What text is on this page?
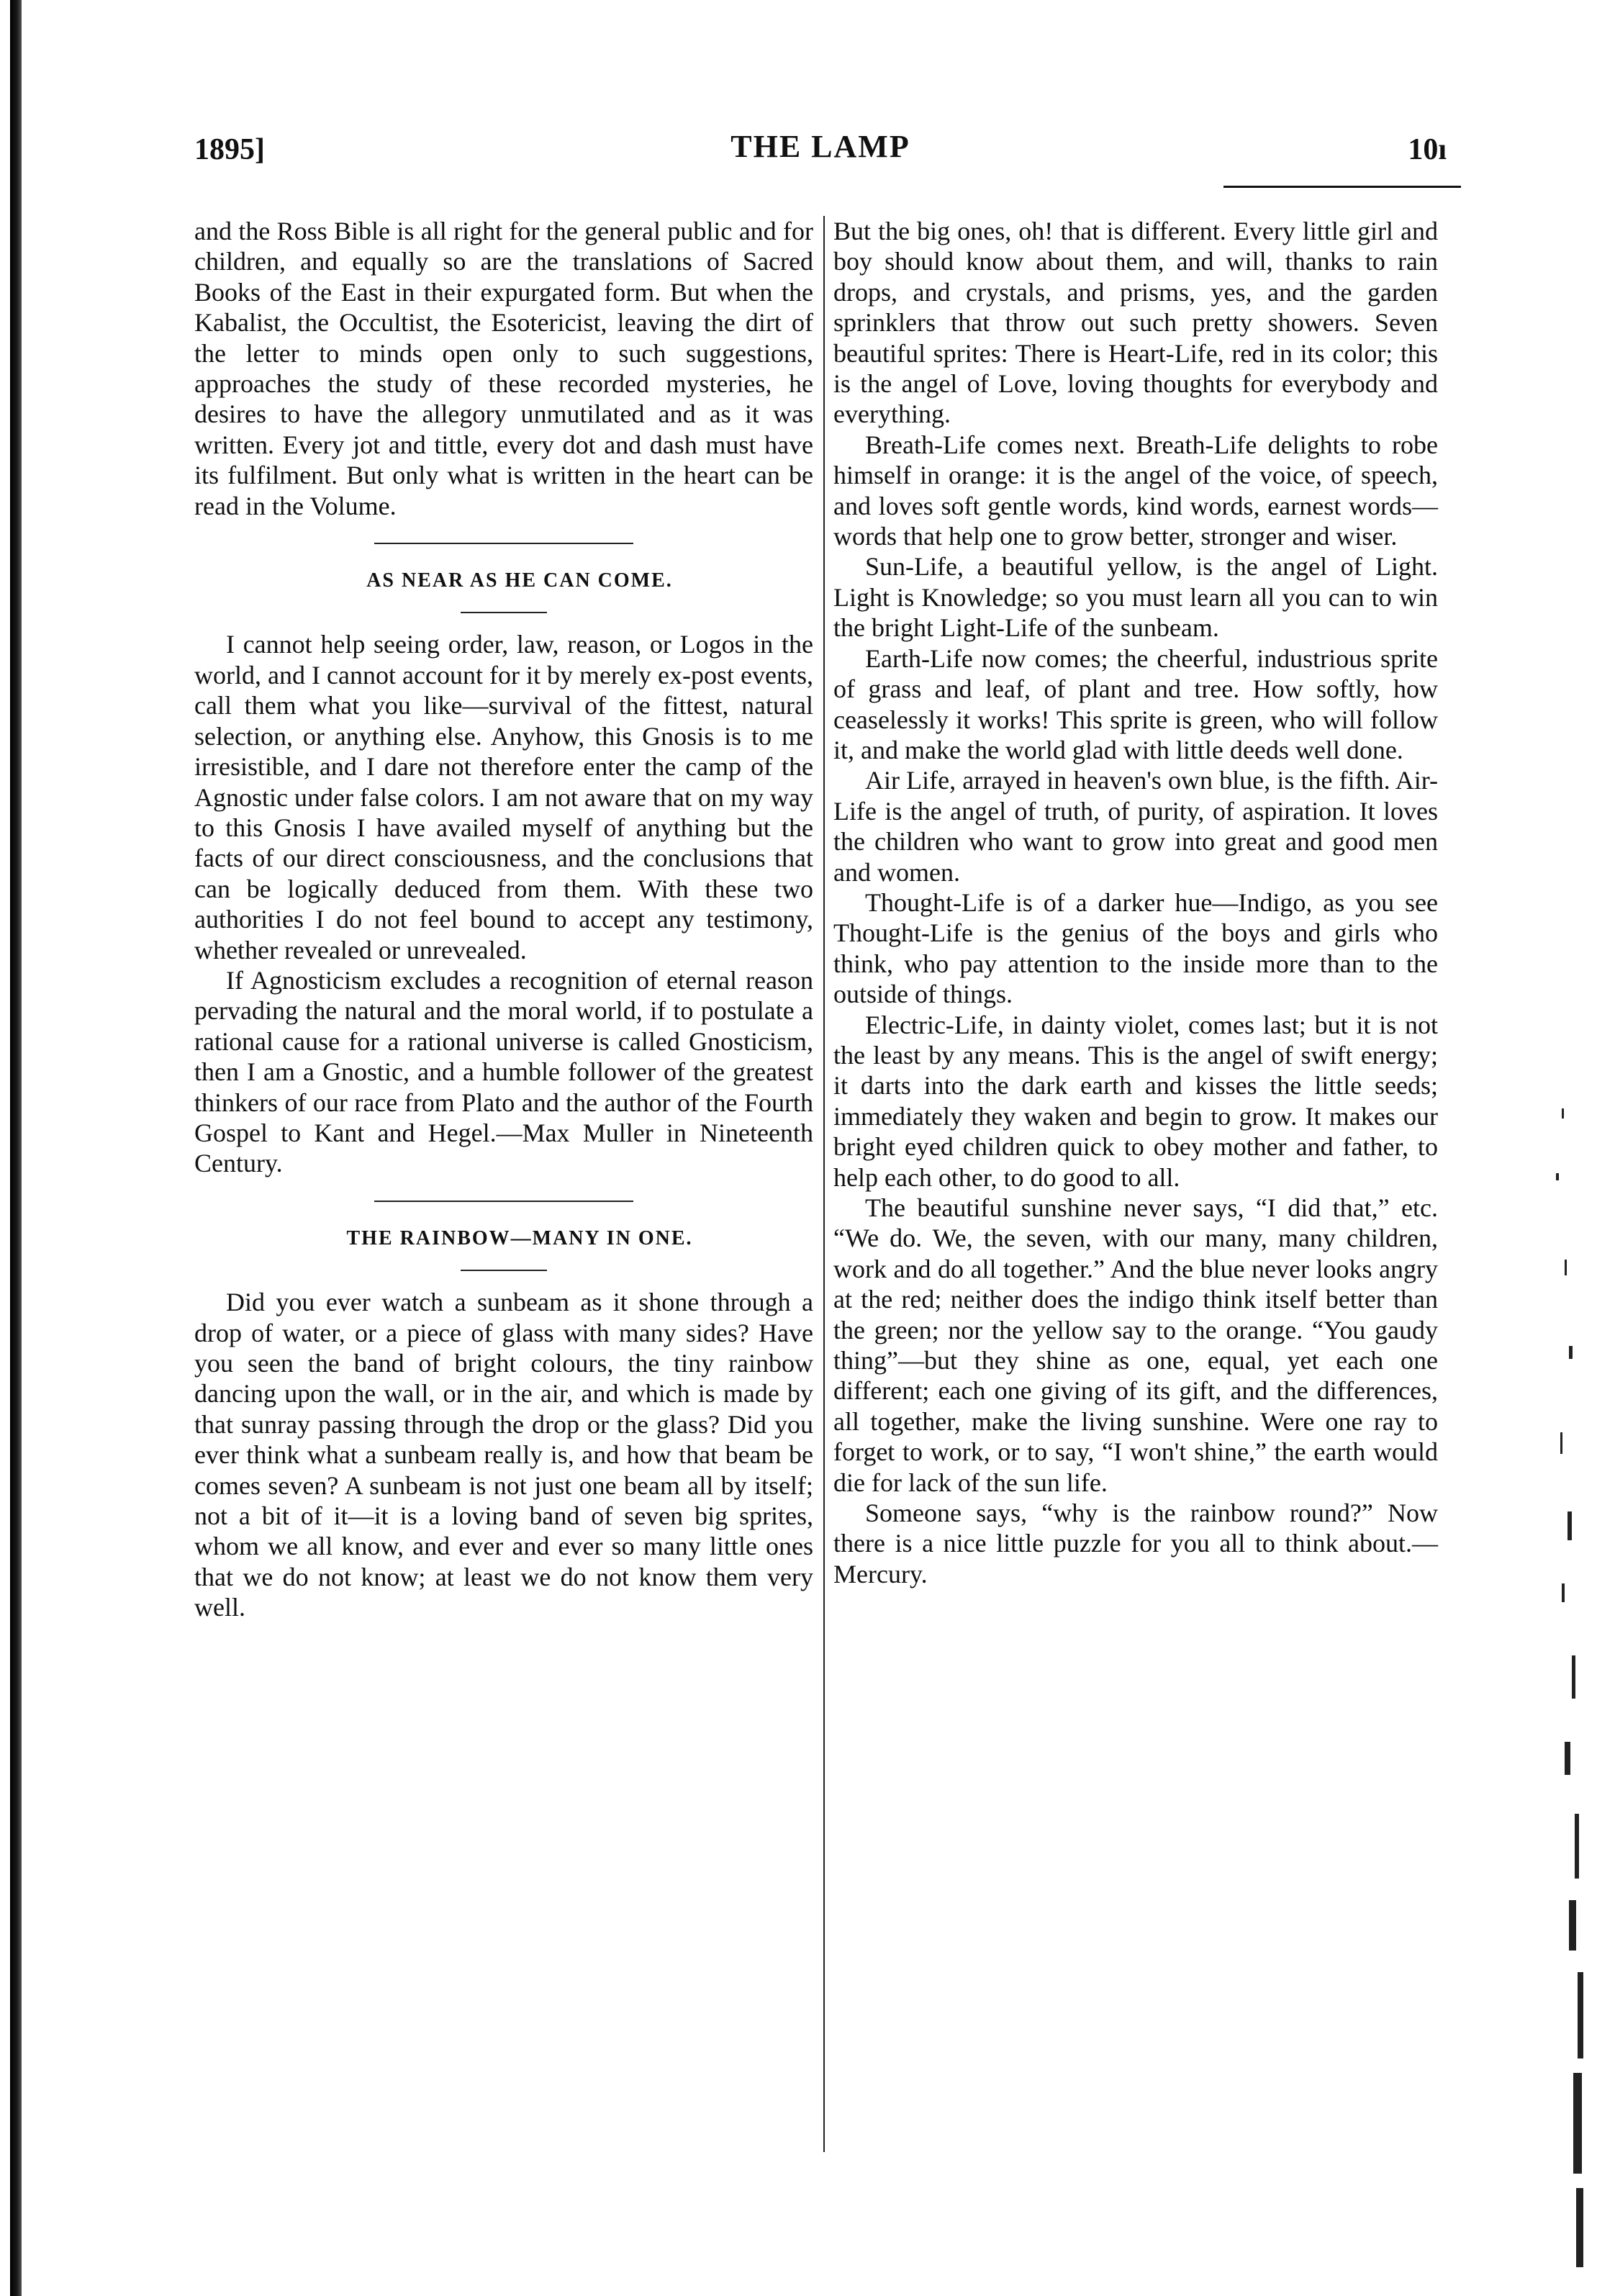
1895]	THE LAMP	10ı

and the Ross Bible is all right for the general public and for children, and equally so are the translations of Sacred Books of the East in their expurgated form. But when the Kabalist, the Occultist, the Esotericist, leaving the dirt of the letter to minds open only to such suggestions, approaches the study of these recorded mysteries, he desires to have the allegory unmutilated and as it was written. Every jot and tittle, every dot and dash must have its fulfilment. But only what is written in the heart can be read in the Volume.

AS NEAR AS HE CAN COME.

I cannot help seeing order, law, reason, or Logos in the world, and I cannot account for it by merely ex-post events, call them what you like—survival of the fittest, natural selection, or anything else. Anyhow, this Gnosis is to me irresistible, and I dare not therefore enter the camp of the Agnostic under false colors. I am not aware that on my way to this Gnosis I have availed myself of anything but the facts of our direct consciousness, and the conclusions that can be logically deduced from them. With these two authorities I do not feel bound to accept any testimony, whether revealed or unrevealed.

If Agnosticism excludes a recognition of eternal reason pervading the natural and the moral world, if to postulate a rational cause for a rational universe is called Gnosticism, then I am a Gnostic, and a humble follower of the greatest thinkers of our race from Plato and the author of the Fourth Gospel to Kant and Hegel.—Max Muller in Nineteenth Century.

THE RAINBOW—MANY IN ONE.

Did you ever watch a sunbeam as it shone through a drop of water, or a piece of glass with many sides? Have you seen the band of bright colours, the tiny rainbow dancing upon the wall, or in the air, and which is made by that sunray passing through the drop or the glass? Did you ever think what a sunbeam really is, and how that beam be comes seven? A sunbeam is not just one beam all by itself; not a bit of it—it is a loving band of seven big sprites, whom we all know, and ever and ever so many little ones that we do not know; at least we do not know them very well.

But the big ones, oh! that is different. Every little girl and boy should know about them, and will, thanks to rain drops, and crystals, and prisms, yes, and the garden sprinklers that throw out such pretty showers. Seven beautiful sprites: There is Heart-Life, red in its color; this is the angel of Love, loving thoughts for everybody and everything.

Breath-Life comes next. Breath-Life delights to robe himself in orange: it is the angel of the voice, of speech, and loves soft gentle words, kind words, earnest words—words that help one to grow better, stronger and wiser.

Sun-Life, a beautiful yellow, is the angel of Light. Light is Knowledge; so you must learn all you can to win the bright Light-Life of the sunbeam.

Earth-Life now comes; the cheerful, industrious sprite of grass and leaf, of plant and tree. How softly, how ceaselessly it works! This sprite is green, who will follow it, and make the world glad with little deeds well done.

Air Life, arrayed in heaven's own blue, is the fifth. Air-Life is the angel of truth, of purity, of aspiration. It loves the children who want to grow into great and good men and women.

Thought-Life is of a darker hue—Indigo, as you see Thought-Life is the genius of the boys and girls who think, who pay attention to the inside more than to the outside of things.

Electric-Life, in dainty violet, comes last; but it is not the least by any means. This is the angel of swift energy; it darts into the dark earth and kisses the little seeds; immediately they waken and begin to grow. It makes our bright eyed children quick to obey mother and father, to help each other, to do good to all.

The beautiful sunshine never says, “I did that,” etc. “We do. We, the seven, with our many, many children, work and do all together.” And the blue never looks angry at the red; neither does the indigo think itself better than the green; nor the yellow say to the orange. “You gaudy thing”—but they shine as one, equal, yet each one different; each one giving of its gift, and the differences, all together, make the living sunshine. Were one ray to forget to work, or to say, “I won't shine,” the earth would die for lack of the sun life.

Someone says, “why is the rainbow round?” Now there is a nice little puzzle for you all to think about.—Mercury.
